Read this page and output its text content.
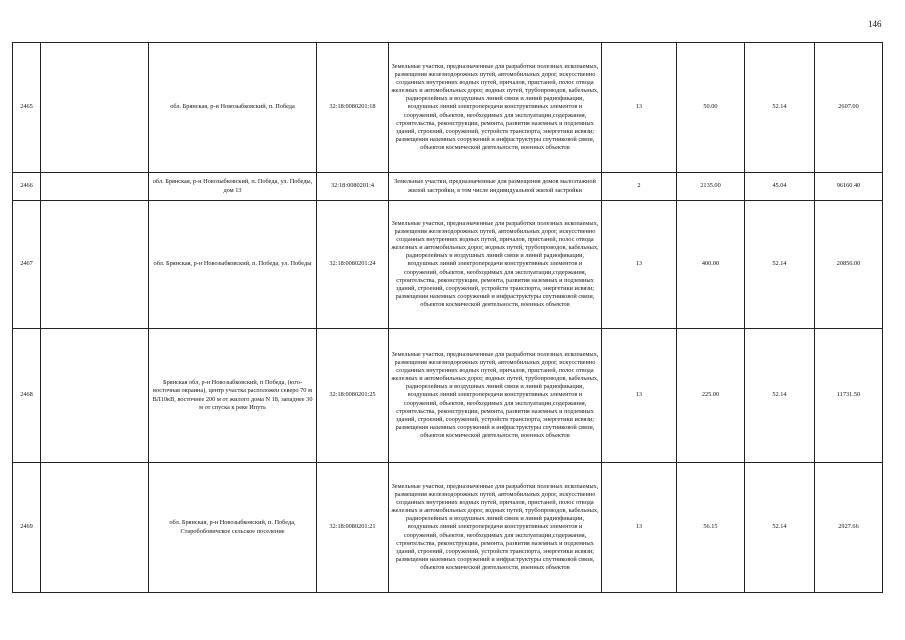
146
2465		обл. Брянская, р-н Новозыбковский, п. Победа	32:18:0080201:18	Земельные участки, предназначенные для разработки полезных ископаемых, размещения железнодорожных путей, автомобильных дорог, искусственно созданных внутренних водных путей, причалов, пристаней, полос отвода железных и автомобильных дорог, водных путей, трубопроводов, кабельных, радиорелейных и воздушных линий связи и линий радиофикации, воздушных линий электропередачи конструктивных элементов и сооружений, объектов, необходимых для эксплуатации,содержания, строительства, реконструкции, ремонта, развития наземных и подземных зданий, строений, сооружений, устройств транспорта, энергетики исвязи; размещения наземных сооружений и инфраструктуры спутниковой связи, объектов космической деятельности, военных объектов	13	50.00	52.14	2607.00
2466		обл. Брянская, р-н Новозыбковский, п. Победа, ул. Победы, дом 13	32:18:0080201:4	Земельные участки, предназначенные для размещения домов малоэтажной жилой застройки, в том числе индивидуальной жилой застройки	2	2135.00	45.04	96160.40
2467		обл. Брянская, р-н Новозыбковский, п. Победа, ул. Победы	32:18:0080201:24	Земельные участки, предназначенные для разработки полезных ископаемых, размещения железнодорожных путей, автомобильных дорог, искусственно созданных внутренних водных путей, причалов, пристаней, полос отвода железных и автомобильных дорог, водных путей, трубопроводов, кабельных, радиорелейных и воздушных линий связи и линий радиофикации, воздушных линий электропередачи конструктивных элементов и сооружений, объектов, необходимых для эксплуатации,содержания, строительства, реконструкции, ремонта, развития наземных и подземных зданий, строений, сооружений, устройств транспорта, энергетики исвязи; размещения наземных сооружений и инфраструктуры спутниковой связи, объектов космической деятельности, военных объектов	13	400.00	52.14	20856.00
2468		Брянская обл, р-н Новозыбковский, п Победа, (юго-восточная окраина), центр участка расположен северо 70 м ВЛ10кВ, восточнее 200 м от жилого дома N 18, западнее 30 м от спуска к реке Ипуть	32:18:0080201:25	Земельные участки, предназначенные для разработки полезных ископаемых, размещения железнодорожных путей, автомобильных дорог, искусственно созданных внутренних водных путей, причалов, пристаней, полос отвода железных и автомобильных дорог, водных путей, трубопроводов, кабельных, радиорелейных и воздушных линий связи и линий радиофикации, воздушных линий электропередачи конструктивных элементов и сооружений, объектов, необходимых для эксплуатации,содержания, строительства, реконструкции, ремонта, развития наземных и подземных зданий, строений, сооружений, устройств транспорта, энергетики исвязи; размещения наземных сооружений и инфраструктуры спутниковой связи, объектов космической деятельности, военных объектов	13	225.00	52.14	11731.50
2469		обл. Брянская, р-н Новозыбковский, п. Победа, Старобобовичское сельское поселение	32:18:0080201:21	Земельные участки, предназначенные для разработки полезных ископаемых, размещения железнодорожных путей, автомобильных дорог, искусственно созданных внутренних водных путей, причалов, пристаней, полос отвода железных и автомобильных дорог, водных путей, трубопроводов, кабельных, радиорелейных и воздушных линий связи и линий радиофикации, воздушных линий электропередачи конструктивных элементов и сооружений, объектов, необходимых для эксплуатации,содержания, строительства, реконструкции, ремонта, развития наземных и подземных зданий, строений, сооружений, устройств транспорта, энергетики исвязи; размещения наземных сооружений и инфраструктуры спутниковой связи, объектов космической деятельности, военных объектов	13	56.15	52.14	2927.66
